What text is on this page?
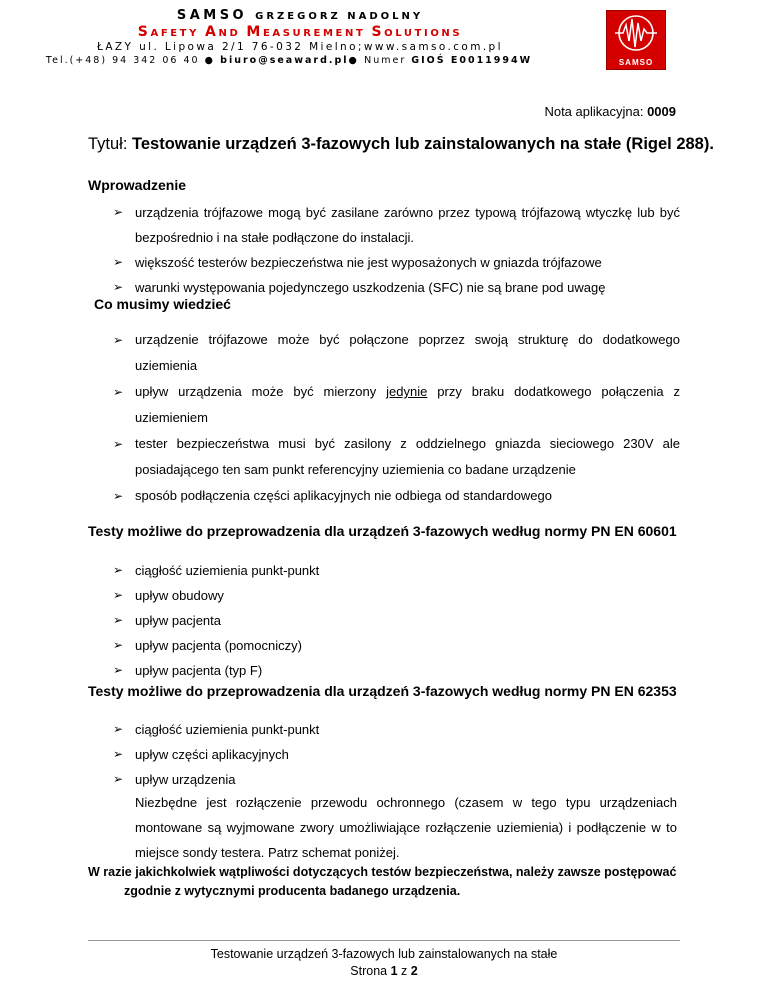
SAMSO GRZEGORZ NADOLNY
SAFETY AND MEASUREMENT SOLUTIONS
ŁAZY ul. Lipowa 2/1 76-032 Mielno;www.samso.com.pl
Tel.(+48) 94 342 06 40 ● biuro@seaward.pl● Numer GIOŚ E0011994W	SAMSO
Nota aplikacyjna: 0009
Tytuł: Testowanie urządzeń 3-fazowych lub zainstalowanych na stałe (Rigel 288).
Wprowadzenie
➢ urządzenia trójfazowe mogą być zasilane zarówno przez typową trójfazową wtyczkę lub być bezpośrednio i na stałe podłączone do instalacji.
➢ większość testerów bezpieczeństwa nie jest wyposażonych w gniazda trójfazowe
➢ warunki występowania pojedynczego uszkodzenia (SFC) nie są brane pod uwagę
Co musimy wiedzieć
➢ urządzenie trójfazowe może być połączone poprzez swoją strukturę do dodatkowego uziemienia
➢ upływ urządzenia może być mierzony jedynie przy braku dodatkowego połączenia z uziemieniem
➢ tester bezpieczeństwa musi być zasilony z oddzielnego gniazda sieciowego 230V ale posiadającego ten sam punkt referencyjny uziemienia co badane urządzenie
➢ sposób podłączenia części aplikacyjnych nie odbiega od standardowego
Testy możliwe do przeprowadzenia dla urządzeń 3-fazowych według normy PN EN 60601
➢ ciągłość uziemienia punkt-punkt
➢ upływ obudowy
➢ upływ pacjenta
➢ upływ pacjenta (pomocniczy)
➢ upływ pacjenta (typ F)
Testy możliwe do przeprowadzenia dla urządzeń 3-fazowych według normy PN EN 62353
➢ ciągłość uziemienia punkt-punkt
➢ upływ części aplikacyjnych
➢ upływ urządzenia
Niezbędne jest rozłączenie przewodu ochronnego (czasem w tego typu urządzeniach montowane są wyjmowane zwory umożliwiające rozłączenie uziemienia) i podłączenie w to miejsce sondy testera. Patrz schemat poniżej.
W razie jakichkolwiek wątpliwości dotyczących testów bezpieczeństwa, należy zawsze postępować
zgodnie z wytycznymi producenta badanego urządzenia.
Testowanie urządzeń 3-fazowych lub zainstalowanych na stałe
Strona 1 z 2
